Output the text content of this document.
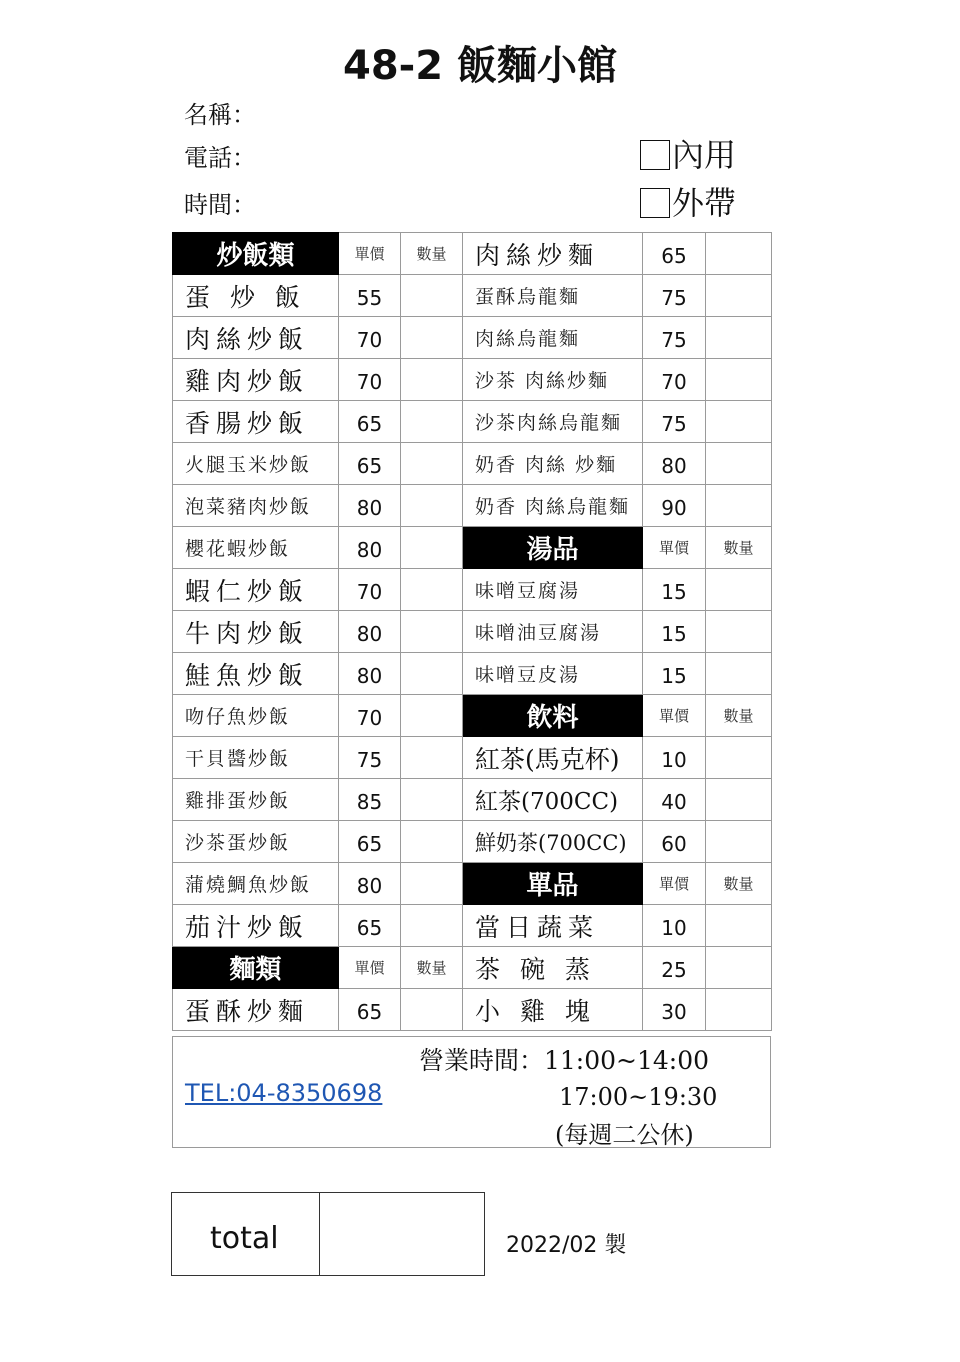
48-2 飯麵小館
名稱：
電話：
時間：
內用
外帶
炒飯類	單價	數量	肉絲炒麵	65	
蛋 炒 飯	55		蛋酥烏龍麵	75	
肉絲炒飯	70		肉絲烏龍麵	75	
雞肉炒飯	70		沙茶 肉絲炒麵	70	
香腸炒飯	65		沙茶肉絲烏龍麵	75	
火腿玉米炒飯	65		奶香 肉絲 炒麵	80	
泡菜豬肉炒飯	80		奶香 肉絲烏龍麵	90	
櫻花蝦炒飯	80		湯品	單價	數量
蝦仁炒飯	70		味噌豆腐湯	15	
牛肉炒飯	80		味噌油豆腐湯	15	
鮭魚炒飯	80		味噌豆皮湯	15	
吻仔魚炒飯	70		飲料	單價	數量
干貝醬炒飯	75		紅茶(馬克杯)	10	
雞排蛋炒飯	85		紅茶(700CC)	40	
沙茶蛋炒飯	65		鮮奶茶(700CC)	60	
蒲燒鯛魚炒飯	80		單品	單價	數量
茄汁炒飯	65		當日蔬菜	10	
麵類	單價	數量	茶 碗 蒸	25	
蛋酥炒麵	65		小 雞 塊	30	
營業時間：11:00~14:00
TEL:04-8350698	17:00~19:30
(每週二公休)
total	2022/02 製
